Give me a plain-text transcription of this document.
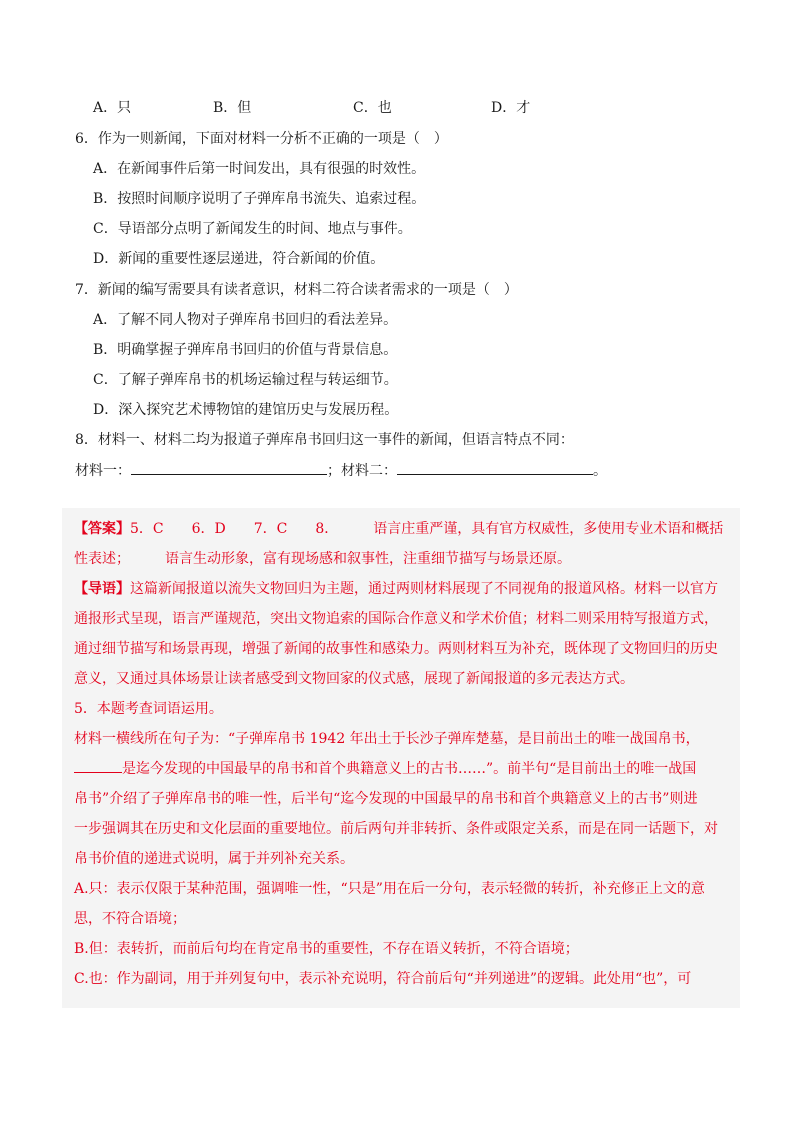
A．只	B．但	C．也	D．才
6．作为一则新闻，下面对材料一分析不正确的一项是（　）
A．在新闻事件后第一时间发出，具有很强的时效性。
B．按照时间顺序说明了子弹库帛书流失、追索过程。
C．导语部分点明了新闻发生的时间、地点与事件。
D．新闻的重要性逐层递进，符合新闻的价值。
7．新闻的编写需要具有读者意识，材料二符合读者需求的一项是（　）
A．了解不同人物对子弹库帛书回归的看法差异。
B．明确掌握子弹库帛书回归的价值与背景信息。
C．了解子弹库帛书的机场运输过程与转运细节。
D．深入探究艺术博物馆的建馆历史与发展历程。
8．材料一、材料二均为报道子弹库帛书回归这一事件的新闻，但语言特点不同：
材料一：	；材料二：	。
【答案】5．C　　6．D　　7．C　　8．　　　语言庄重严谨，具有官方权威性，多使用专业术语和概括
性表述；　　　语言生动形象，富有现场感和叙事性，注重细节描写与场景还原。
【导语】这篇新闻报道以流失文物回归为主题，通过两则材料展现了不同视角的报道风格。材料一以官方
通报形式呈现，语言严谨规范，突出文物追索的国际合作意义和学术价值；材料二则采用特写报道方式，
通过细节描写和场景再现，增强了新闻的故事性和感染力。两则材料互为补充，既体现了文物回归的历史
意义，又通过具体场景让读者感受到文物回家的仪式感，展现了新闻报道的多元表达方式。
5．本题考查词语运用。
材料一横线所在句子为：“子弹库帛书 1942 年出土于长沙子弹库楚墓，是目前出土的唯一战国帛书，
是迄今发现的中国最早的帛书和首个典籍意义上的古书……”。前半句“是目前出土的唯一战国
帛书”介绍了子弹库帛书的唯一性，后半句“迄今发现的中国最早的帛书和首个典籍意义上的古书”则进
一步强调其在历史和文化层面的重要地位。前后两句并非转折、条件或限定关系，而是在同一话题下，对
帛书价值的递进式说明，属于并列补充关系。
A.只：表示仅限于某种范围，强调唯一性，“只是”用在后一分句，表示轻微的转折，补充修正上文的意
思，不符合语境；
B.但：表转折，而前后句均在肯定帛书的重要性，不存在语义转折，不符合语境；
C.也：作为副词，用于并列复句中，表示补充说明，符合前后句“并列递进”的逻辑。此处用“也”，可
